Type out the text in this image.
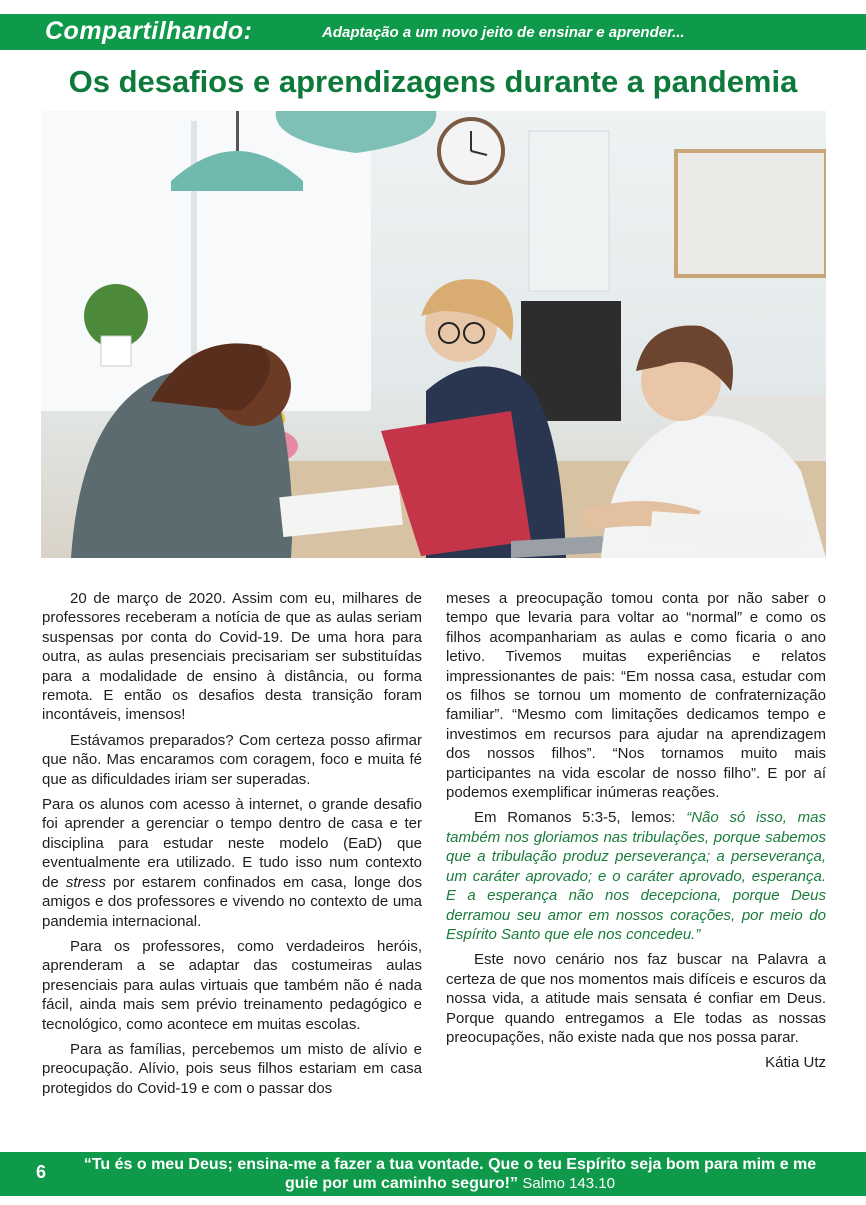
Compartilhando:	Adaptação a um novo jeito de ensinar e aprender...
Os desafios e aprendizagens durante a pandemia

20 de março de 2020. Assim com eu, milhares de professores receberam a notícia de que as aulas seriam suspensas por conta do Covid-19. De uma hora para outra, as aulas presenciais precisariam ser substituídas para a modalidade de ensino à distância, ou forma remota. E então os desafios desta transição foram incontáveis, imensos!

Estávamos preparados? Com certeza posso afirmar que não. Mas encaramos com coragem, foco e muita fé que as dificuldades iriam ser superadas.

Para os alunos com acesso à internet, o grande desafio foi aprender a gerenciar o tempo dentro de casa e ter disciplina para estudar neste modelo (EaD) que eventualmente era utilizado. E tudo isso num contexto de stress por estarem confinados em casa, longe dos amigos e dos professores e vivendo no contexto de uma pandemia internacional.

Para os professores, como verdadeiros heróis, aprenderam a se adaptar das costumeiras aulas presenciais para aulas virtuais que também não é nada fácil, ainda mais sem prévio treinamento pedagógico e tecnológico, como acontece em muitas escolas.

Para as famílias, percebemos um misto de alívio e preocupação. Alívio, pois seus filhos estariam em casa protegidos do Covid-19 e com o passar dos

meses a preocupação tomou conta por não saber o tempo que levaria para voltar ao “normal” e como os filhos acompanhariam as aulas e como ficaria o ano letivo. Tivemos muitas experiências e relatos impressionantes de pais: “Em nossa casa, estudar com os filhos se tornou um momento de confraternização familiar”. “Mesmo com limitações dedicamos tempo e investimos em recursos para ajudar na aprendizagem dos nossos filhos”. “Nos tornamos muito mais participantes na vida escolar de nosso filho”. E por aí podemos exemplificar inúmeras reações.

Em Romanos 5:3-5, lemos: “Não só isso, mas também nos gloriamos nas tribulações, porque sabemos que a tribulação produz perseverança; a perseverança, um caráter aprovado; e o caráter aprovado, esperança. E a esperança não nos decepciona, porque Deus derramou seu amor em nossos corações, por meio do Espírito Santo que ele nos concedeu.”

Este novo cenário nos faz buscar na Palavra a certeza de que nos momentos mais difíceis e escuros da nossa vida, a atitude mais sensata é confiar em Deus. Porque quando entregamos a Ele todas as nossas preocupações, não existe nada que nos possa parar.

Kátia Utz

6 “Tu és o meu Deus; ensina-me a fazer a tua vontade. Que o teu Espírito seja bom para mim e me guie por um caminho seguro!” Salmo 143.10
